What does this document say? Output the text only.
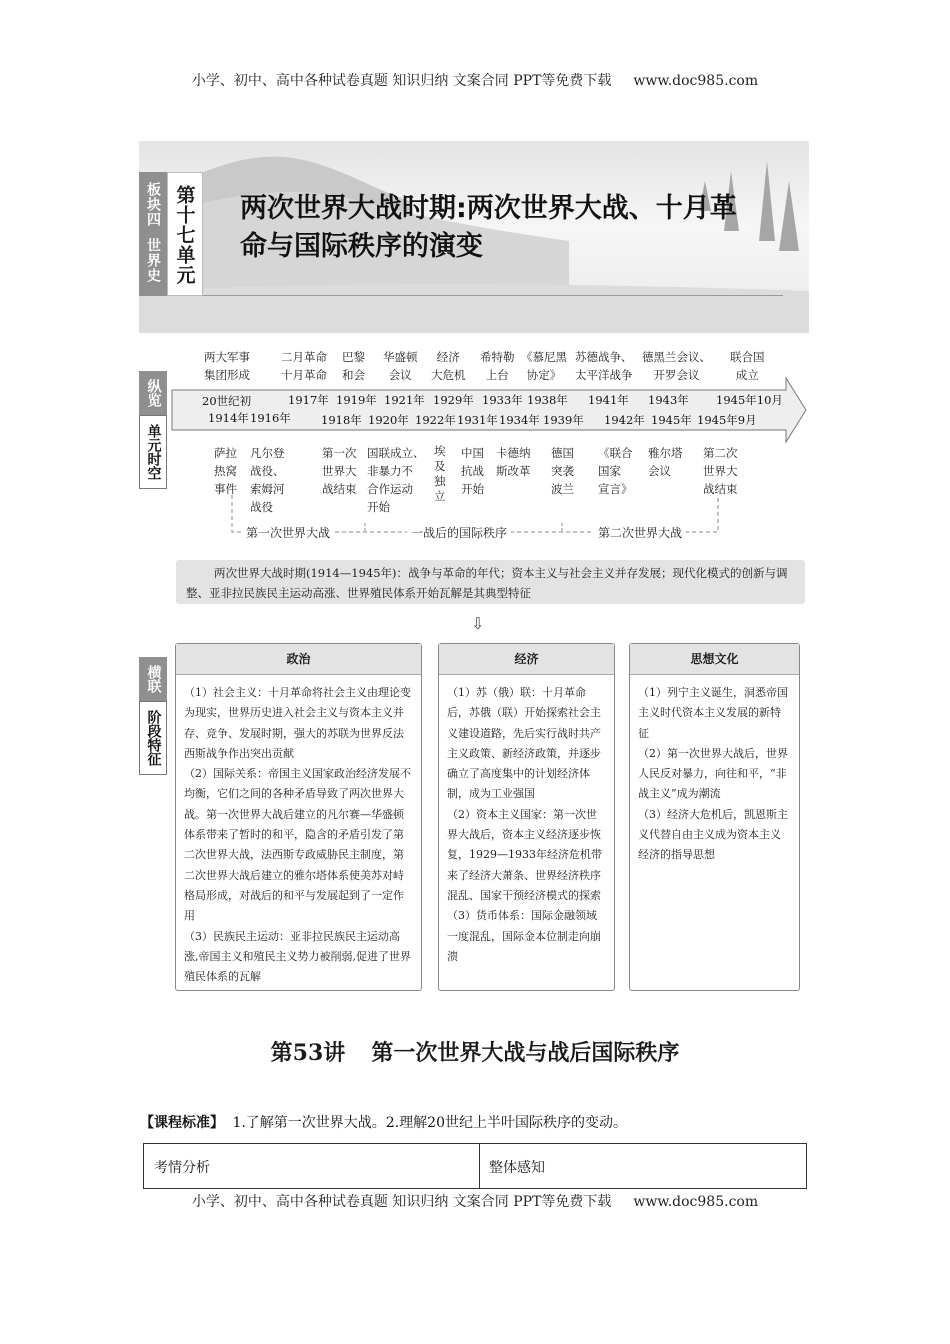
小学、初中、高中各种试卷真题 知识归纳 文案合同 PPT等免费下载 www.doc985.com
板块四
世界史 第十七单元 两次世界大战时期:两次世界大战、十月革
命与国际秩序的演变
纵览
单元时空
两大军事
集团形成
二月革命
十月革命
巴黎
和会
华盛顿
会议
经济
大危机
希特勒
上台
《慕尼黑
协定》
苏德战争、
太平洋战争
德黑兰会议、
开罗会议
联合国
成立
20世纪初	1917年 1919年 1921年 1929年 1933年 1938年 1941年 1943年 1945年10月
1914年 1916年	1918年 1920年 1922年 1931年 1934年 1939年 1942年 1945年 1945年9月
萨拉
热窝
事件
凡尔登
战役、
索姆河
战役
第一次
世界大
战结束
国联成立、
非暴力不
合作运动
开始
埃
及
独
立
中国
抗战
开始
卡德纳
斯改革
德国
突袭
波兰
《联合
国家
宣言》
雅尔塔
会议
第二次
世界大
战结束
第一次世界大战	一战后的国际秩序	第二次世界大战
两次世界大战时期(1914—1945年)：战争与革命的年代；资本主义与社会主义并存发展；现代化模式的创新与调整、亚非拉民族民主运动高涨、世界殖民体系开始瓦解是其典型特征
⇩
横联
阶段特征
政治

（1）社会主义：十月革命将社会主义由理论变为现实，世界历史进入社会主义与资本主义并存、竞争、发展时期，强大的苏联为世界反法西斯战争作出突出贡献

（2）国际关系：帝国主义国家政治经济发展不均衡，它们之间的各种矛盾导致了两次世界大战。第一次世界大战后建立的凡尔赛—华盛顿体系带来了暂时的和平，隐含的矛盾引发了第二次世界大战，法西斯专政威胁民主制度，第二次世界大战后建立的雅尔塔体系使美苏对峙格局形成，对战后的和平与发展起到了一定作用

（3）民族民主运动：亚非拉民族民主运动高涨,帝国主义和殖民主义势力被削弱,促进了世界殖民体系的瓦解

经济

（1）苏（俄）联：十月革命后，苏俄（联）开始探索社会主义建设道路，先后实行战时共产主义政策、新经济政策，并逐步确立了高度集中的计划经济体制，成为工业强国

（2）资本主义国家：第一次世界大战后，资本主义经济逐步恢复，1929—1933年经济危机带来了经济大萧条、世界经济秩序混乱、国家干预经济模式的探索

（3）货币体系：国际金融领域一度混乱，国际金本位制走向崩溃

思想文化

（1）列宁主义诞生，洞悉帝国主义时代资本主义发展的新特征

（2）第一次世界大战后，世界人民反对暴力，向往和平，“非战主义”成为潮流

（3）经济大危机后，凯恩斯主义代替自由主义成为资本主义经济的指导思想

第53讲 第一次世界大战与战后国际秩序
【课程标准】 1.了解第一次世界大战。2.理解20世纪上半叶国际秩序的变动。
考情分析	整体感知
小学、初中、高中各种试卷真题 知识归纳 文案合同 PPT等免费下载 www.doc985.com
